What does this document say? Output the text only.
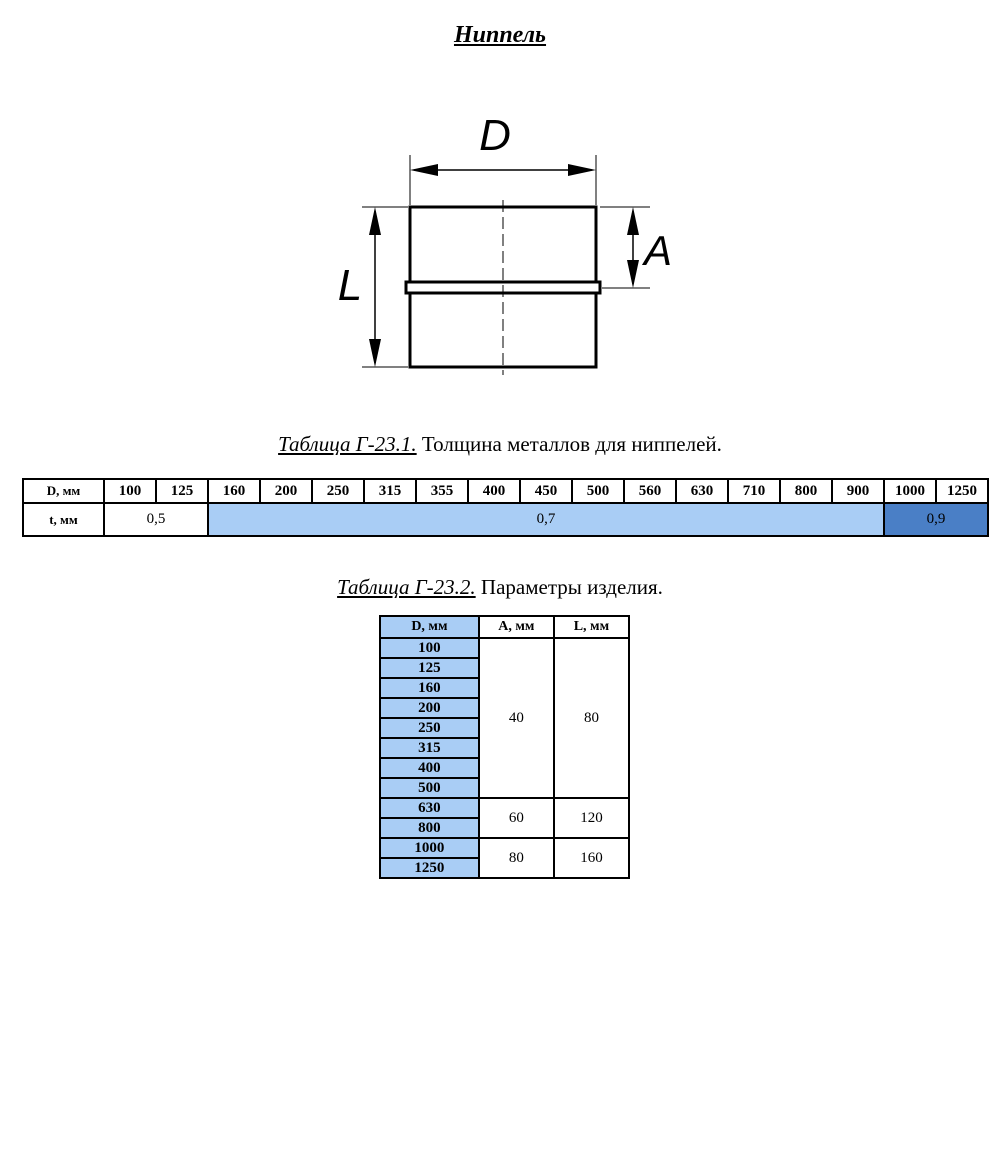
Ниппель
D
L
A
Таблица Г-23.1. Толщина металлов для ниппелей.
D, мм	100	125	160	200	250	315	355	400	450	500	560	630	710	800	900	1000	1250
t, мм	0,5		0,7													0,9	
Таблица Г-23.2. Параметры изделия.
D, мм	A, мм	L, мм
100	40	80
125		
160		
200		
250		
315		
400		
500		
630	60	120
800		
1000	80	160
1250		
